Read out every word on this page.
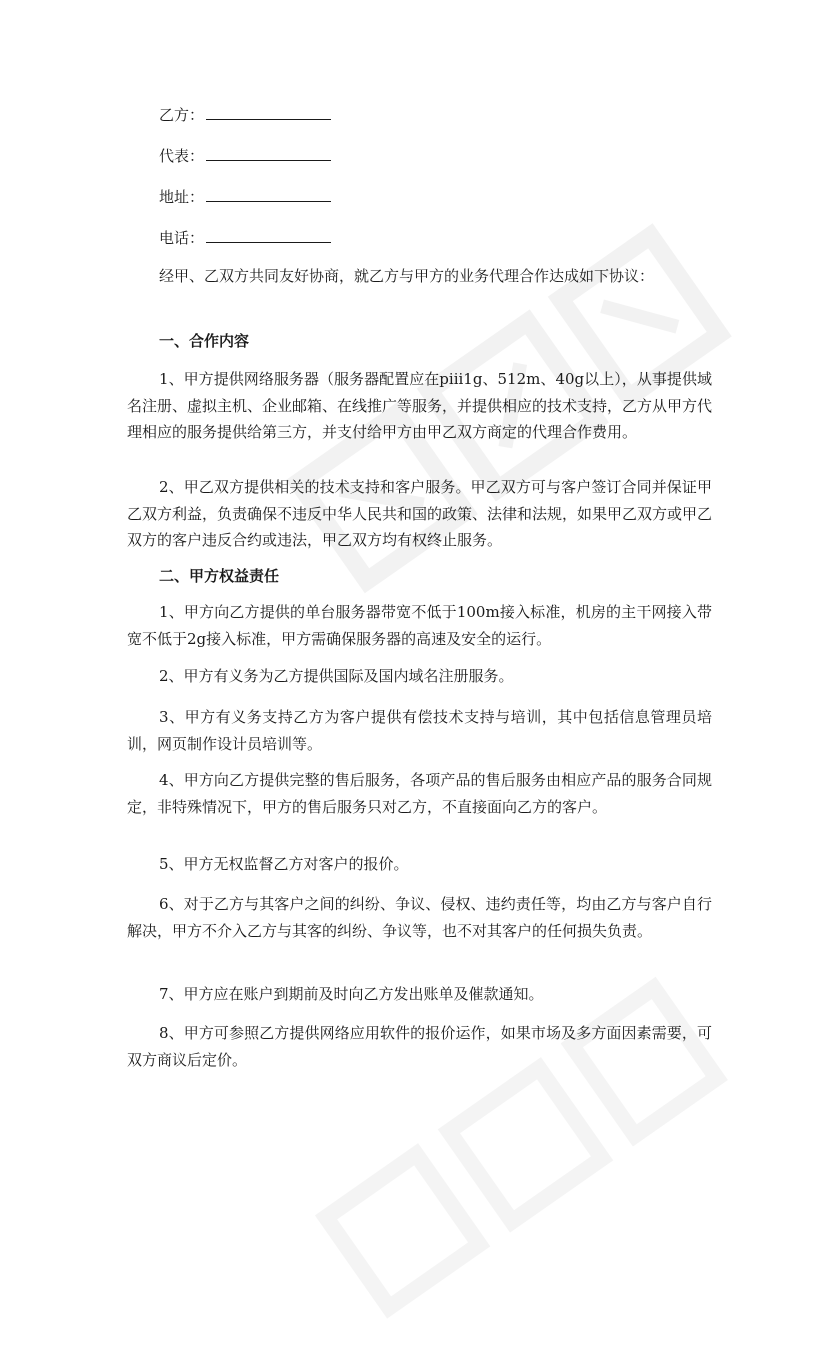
乙方：
代表：
地址：
电话：

经甲、乙双方共同友好协商，就乙方与甲方的业务代理合作达成如下协议：

一、合作内容

1、甲方提供网络服务器（服务器配置应在piii1g、512m、40g以上），从事提供域名注册、虚拟主机、企业邮箱、在线推广等服务，并提供相应的技术支持，乙方从甲方代理相应的服务提供给第三方，并支付给甲方由甲乙双方商定的代理合作费用。

2、甲乙双方提供相关的技术支持和客户服务。甲乙双方可与客户签订合同并保证甲乙双方利益，负责确保不违反中华人民共和国的政策、法律和法规，如果甲乙双方或甲乙双方的客户违反合约或违法，甲乙双方均有权终止服务。

二、甲方权益责任

1、甲方向乙方提供的单台服务器带宽不低于100m接入标准，机房的主干网接入带宽不低于2g接入标准，甲方需确保服务器的高速及安全的运行。

2、甲方有义务为乙方提供国际及国内域名注册服务。

3、甲方有义务支持乙方为客户提供有偿技术支持与培训，其中包括信息管理员培训，网页制作设计员培训等。

4、甲方向乙方提供完整的售后服务，各项产品的售后服务由相应产品的服务合同规定，非特殊情况下，甲方的售后服务只对乙方，不直接面向乙方的客户。

5、甲方无权监督乙方对客户的报价。

6、对于乙方与其客户之间的纠纷、争议、侵权、违约责任等，均由乙方与客户自行解决，甲方不介入乙方与其客的纠纷、争议等，也不对其客户的任何损失负责。

7、甲方应在账户到期前及时向乙方发出账单及催款通知。

8、甲方可参照乙方提供网络应用软件的报价运作，如果市场及多方面因素需要，可双方商议后定价。
